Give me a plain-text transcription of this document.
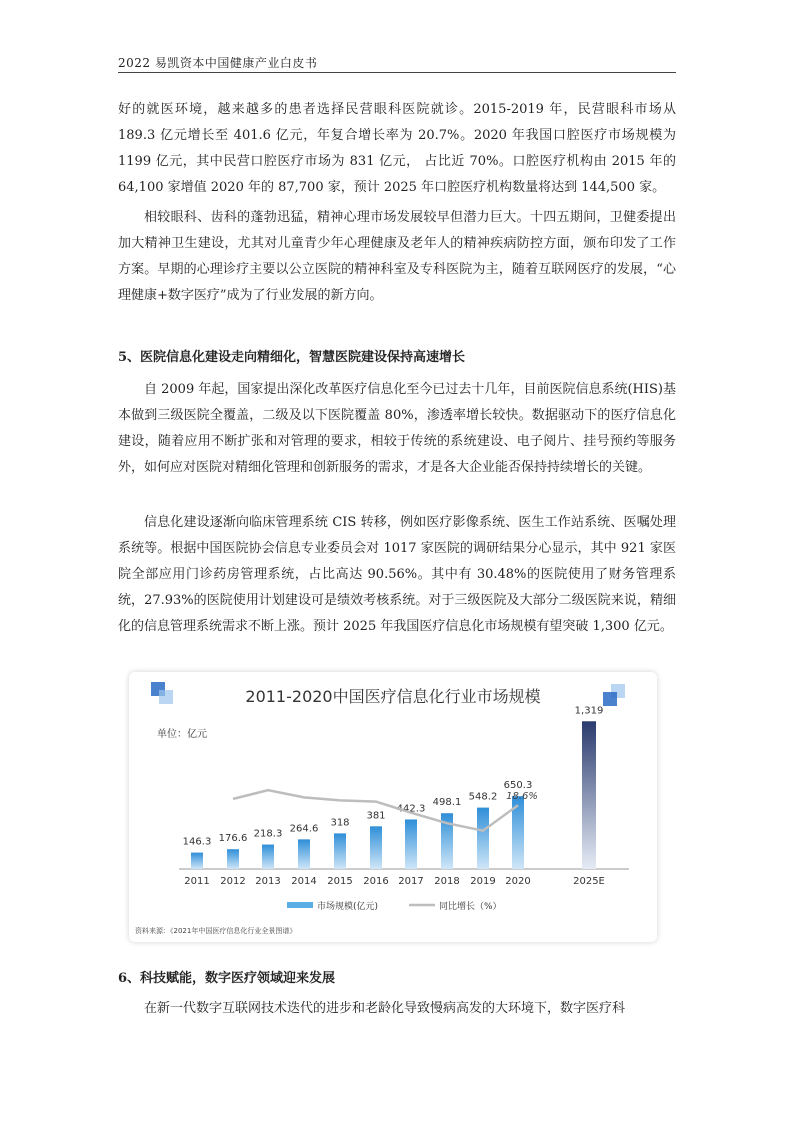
2022 易凯资本中国健康产业白皮书

好的就医环境，越来越多的患者选择民营眼科医院就诊。2015-2019 年，民营眼科市场从 189.3 亿元增长至 401.6 亿元，年复合增长率为 20.7%。2020 年我国口腔医疗市场规模为 1199 亿元，其中民营口腔医疗市场为 831 亿元， 占比近 70%。口腔医疗机构由 2015 年的 64,100 家增值 2020 年的 87,700 家，预计 2025 年口腔医疗机构数量将达到 144,500 家。

相较眼科、齿科的蓬勃迅猛，精神心理市场发展较早但潜力巨大。十四五期间，卫健委提出加大精神卫生建设，尤其对儿童青少年心理健康及老年人的精神疾病防控方面，颁布印发了工作方案。早期的心理诊疗主要以公立医院的精神科室及专科医院为主，随着互联网医疗的发展，“心理健康+数字医疗”成为了行业发展的新方向。

5、医院信息化建设走向精细化，智慧医院建设保持高速增长

自 2009 年起，国家提出深化改革医疗信息化至今已过去十几年，目前医院信息系统(HIS)基本做到三级医院全覆盖，二级及以下医院覆盖 80%，渗透率增长较快。数据驱动下的医疗信息化建设，随着应用不断扩张和对管理的要求，相较于传统的系统建设、电子阅片、挂号预约等服务外，如何应对医院对精细化管理和创新服务的需求，才是各大企业能否保持持续增长的关键。

信息化建设逐渐向临床管理系统 CIS 转移，例如医疗影像系统、医生工作站系统、医嘱处理系统等。根据中国医院协会信息专业委员会对 1017 家医院的调研结果分心显示，其中 921 家医院全部应用门诊药房管理系统，占比高达 90.56%。其中有 30.48%的医院使用了财务管理系统，27.93%的医院使用计划建设可是绩效考核系统。对于三级医院及大部分二级医院来说，精细化的信息管理系统需求不断上涨。预计 2025 年我国医疗信息化市场规模有望突破 1,300 亿元。

2011-2020中国医疗信息化行业市场规模
单位：亿元
146.3
2011
176.6
2012
218.3
2013
264.6
2014
318
2015
381
2016
442.3
2017
498.1
2018
548.2
2019
650.3
2020
1,319
2025E
18.6%
市场规模(亿元)	同比增长（%）
资料来源：《2021年中国医疗信息化行业全景图谱》
6、科技赋能，数字医疗领域迎来发展

在新一代数字互联网技术迭代的进步和老龄化导致慢病高发的大环境下，数字医疗科
